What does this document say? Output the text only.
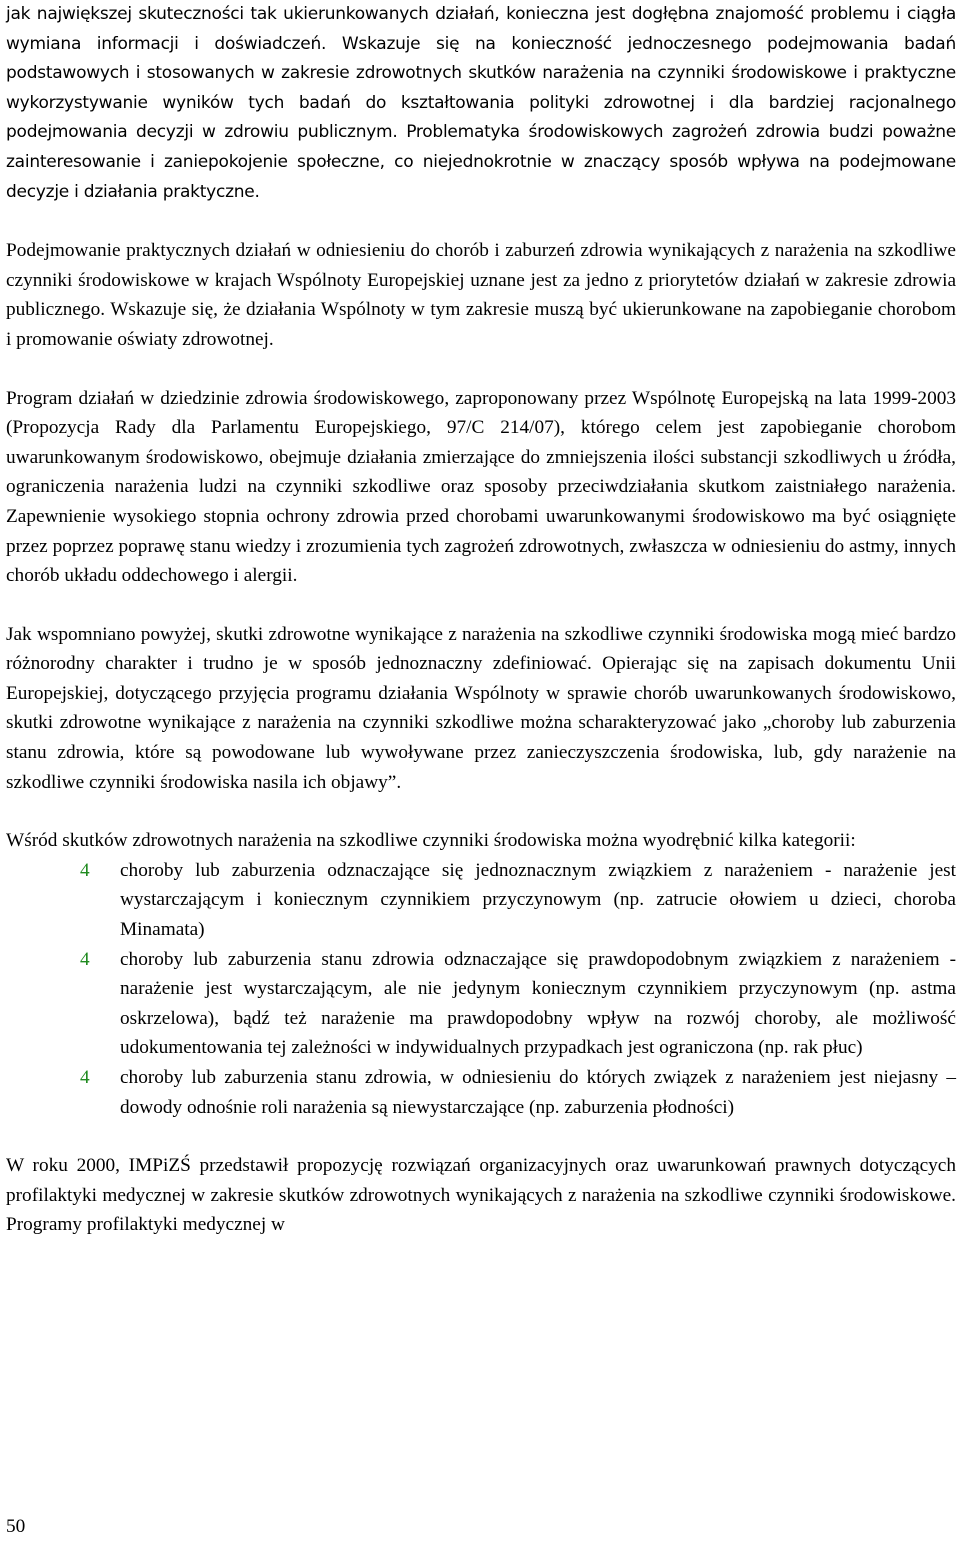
jak największej skuteczności tak ukierunkowanych działań, konieczna jest dogłębna znajomość problemu i ciągła wymiana informacji i doświadczeń. Wskazuje się na konieczność jednoczesnego podejmowania badań podstawowych i stosowanych w zakresie zdrowotnych skutków narażenia na czynniki środowiskowe i praktyczne wykorzystywanie wyników tych badań do kształtowania polityki zdrowotnej i dla bardziej racjonalnego podejmowania decyzji w zdrowiu publicznym. Problematyka środowiskowych zagrożeń zdrowia budzi poważne zainteresowanie i zaniepokojenie społeczne, co niejednokrotnie w znaczący sposób wpływa na podejmowane decyzje i działania praktyczne.

Podejmowanie praktycznych działań w odniesieniu do chorób i zaburzeń zdrowia wynikających z narażenia na szkodliwe czynniki środowiskowe w krajach Wspólnoty Europejskiej uznane jest za jedno z priorytetów działań w zakresie zdrowia publicznego. Wskazuje się, że działania Wspólnoty w tym zakresie muszą być ukierunkowane na zapobieganie chorobom i promowanie oświaty zdrowotnej.

Program działań w dziedzinie zdrowia środowiskowego, zaproponowany przez Wspólnotę Europejską na lata 1999-2003 (Propozycja Rady dla Parlamentu Europejskiego, 97/C 214/07), którego celem jest zapobieganie chorobom uwarunkowanym środowiskowo, obejmuje działania zmierzające do zmniejszenia ilości substancji szkodliwych u źródła, ograniczenia narażenia ludzi na czynniki szkodliwe oraz sposoby przeciwdziałania skutkom zaistniałego narażenia. Zapewnienie wysokiego stopnia ochrony zdrowia przed chorobami uwarunkowanymi środowiskowo ma być osiągnięte przez poprzez poprawę stanu wiedzy i zrozumienia tych zagrożeń zdrowotnych, zwłaszcza w odniesieniu do astmy, innych chorób układu oddechowego i alergii.

Jak wspomniano powyżej, skutki zdrowotne wynikające z narażenia na szkodliwe czynniki środowiska mogą mieć bardzo różnorodny charakter i trudno je w sposób jednoznaczny zdefiniować. Opierając się na zapisach dokumentu Unii Europejskiej, dotyczącego przyjęcia programu działania Wspólnoty w sprawie chorób uwarunkowanych środowiskowo, skutki zdrowotne wynikające z narażenia na czynniki szkodliwe można scharakteryzować jako „choroby lub zaburzenia stanu zdrowia, które są powodowane lub wywoływane przez zanieczyszczenia środowiska, lub, gdy narażenie na szkodliwe czynniki środowiska nasila ich objawy”.

Wśród skutków zdrowotnych narażenia na szkodliwe czynniki środowiska można wyodrębnić kilka kategorii:

4 choroby lub zaburzenia odznaczające się jednoznacznym związkiem z narażeniem - narażenie jest wystarczającym i koniecznym czynnikiem przyczynowym (np. zatrucie ołowiem u dzieci, choroba Minamata)
4 choroby lub zaburzenia stanu zdrowia odznaczające się prawdopodobnym związkiem z narażeniem - narażenie jest wystarczającym, ale nie jedynym koniecznym czynnikiem przyczynowym (np. astma oskrzelowa), bądź też narażenie ma prawdopodobny wpływ na rozwój choroby, ale możliwość udokumentowania tej zależności w indywidualnych przypadkach jest ograniczona (np. rak płuc)
4 choroby lub zaburzenia stanu zdrowia, w odniesieniu do których związek z narażeniem jest niejasny – dowody odnośnie roli narażenia są niewystarczające (np. zaburzenia płodności)

W roku 2000, IMPiZŚ przedstawił propozycję rozwiązań organizacyjnych oraz uwarunkowań prawnych dotyczących profilaktyki medycznej w zakresie skutków zdrowotnych wynikających z narażenia na szkodliwe czynniki środowiskowe. Programy profilaktyki medycznej w

50
